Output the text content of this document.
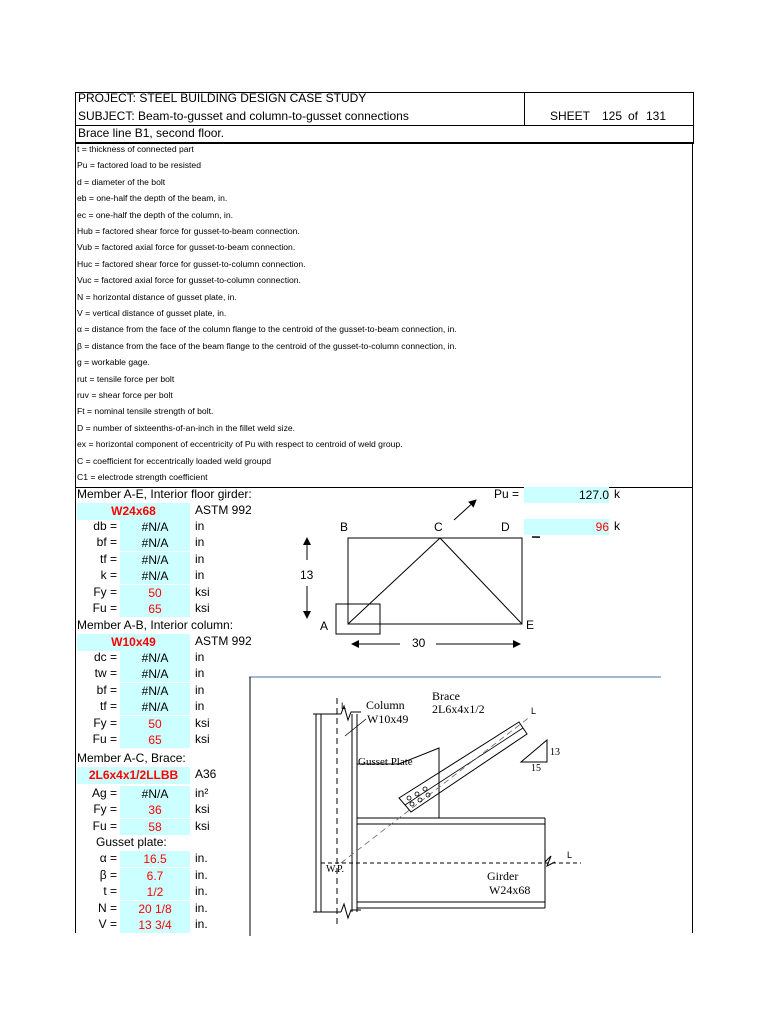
PROJECT: STEEL BUILDING DESIGN CASE STUDY
SUBJECT: Beam-to-gusset and column-to-gusset connections	SHEET 125 of 131
Brace line B1, second floor.
t = thickness of connected part
Pu = factored load to be resisted
d = diameter of the bolt
eb = one-half the depth of the beam, in.
ec = one-half the depth of the column, in.
Hub = factored shear force for gusset-to-beam connection.
Vub = factored axial force for gusset-to-beam connection.
Huc = factored shear force for gusset-to-column connection.
Vuc = factored axial force for gusset-to-column connection.
N = horizontal distance of gusset plate, in.
V = vertical distance of gusset plate, in.
α = distance from the face of the column flange to the centroid of the gusset-to-beam connection, in.
β = distance from the face of the beam flange to the centroid of the gusset-to-column connection, in.
g = workable gage.
rut = tensile force per bolt
ruv = shear force per bolt
Ft = nominal tensile strength of bolt.
D = number of sixteenths-of-an-inch in the fillet weld size.
ex = horizontal component of eccentricity of Pu with respect to centroid of weld group.
C = coefficient for eccentrically loaded weld groupd
C1 = electrode strength coefficient
Member A-E, Interior floor girder:
W24x68	ASTM 992
db =	#N/A	in
bf =	#N/A	in
tf =	#N/A	in
k =	#N/A	in
Fy =	50	ksi
Fu =	65	ksi
Pu =	127.0 k
96 k
Member A-B, Interior column:
W10x49	ASTM 992
dc =	#N/A	in
tw =	#N/A	in
bf =	#N/A	in
tf =	#N/A	in
Fy =	50	ksi
Fu =	65	ksi
Member A-C, Brace:
2L6x4x1/2LLBB	A36
Ag =	#N/A	in²
Fy =	36	ksi
Fu =	58	ksi
Gusset plate:
α =	16.5	in.
β =	6.7	in.
t =	1/2	in.
N =	20 1/8	in.
V =	13 3/4	in.
B	C	D
A	E
13
30
L
L
L
13
15
Column
W10x49
Brace
2L6x4x1/2
Gusset Plate
Girder
W24x68
W.P.
